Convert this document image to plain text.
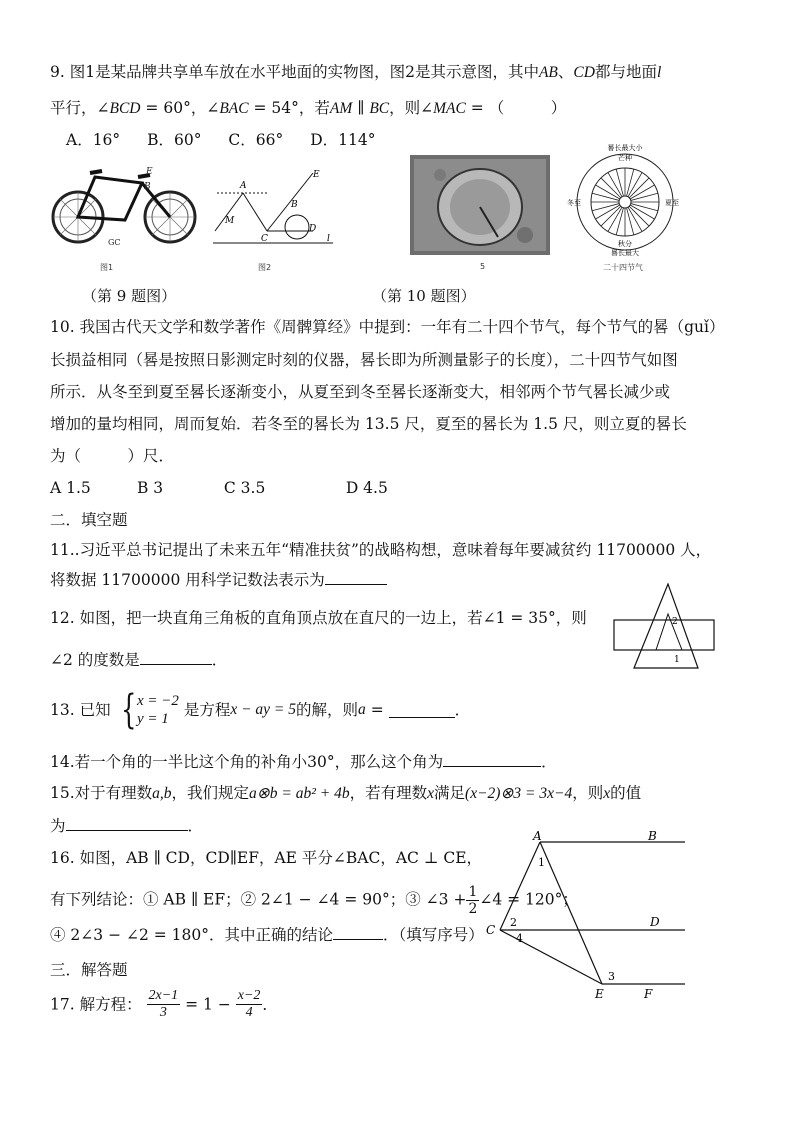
9. 图1是某品牌共享单车放在水平地面的实物图，图2是其示意图，其中AB、CD都与地面l
平行，∠BCD = 60°，∠BAC = 54°，若AM ∥ BC，则∠MAC = （　　　）
A．16° B．60° C．66° D．114°
E
B
GC
图1
A
M
C
B
D
E
l
图2	5
晷长最大小
芒种
夏至
秋分
冬至
晷长最大
二十四节气
（第 9 题图）	（第 10 题图）
10. 我国古代天文学和数学著作《周髀算经》中提到：一年有二十四个节气，每个节气的晷（guǐ）
长损益相同（晷是按照日影测定时刻的仪器，晷长即为所测量影子的长度），二十四节气如图
所示．从冬至到夏至晷长逐渐变小，从夏至到冬至晷长逐渐变大，相邻两个节气晷长减少或
增加的量均相同，周而复始．若冬至的晷长为 13.5 尺，夏至的晷长为 1.5 尺，则立夏的晷长
为（　　　）尺．
A 1.5	B 3	C 3.5	D 4.5
二．填空题
11..习近平总书记提出了未来五年“精准扶贫”的战略构想，意味着每年要减贫约 11700000 人，
将数据 11700000 用科学记数法表示为
12. 如图，把一块直角三角板的直角顶点放在直尺的一边上，若∠1 = 35°，则
∠2 的度数是	．
2
1
13. 已知 { x = −2
y = 1 是方程x − ay = 5的解，则a =	．
14.若一个角的一半比这个角的补角小30°，那么这个角为	．
15.对于有理数a,b，我们规定a⊗b = ab² + 4b，若有理数x满足(x−2)⊗3 = 3x−4，则x的值
为	．
16. 如图，AB ∥ CD，CD∥EF，AE 平分∠BAC，AC ⊥ CE，
有下列结论：① AB ∥ EF；② 2∠1 − ∠4 = 90°；③ ∠3 + $\frac{1}{2}$ ∠4 = 120°；
④ 2∠3 − ∠2 = 180°．其中正确的结论	．（填写序号）
A	B
C
D
E	F
1
2
3
4
三．解答题
17. 解方程： $\frac{2x-1}{3} = 1 - \frac{x-2}{4}$ ．
